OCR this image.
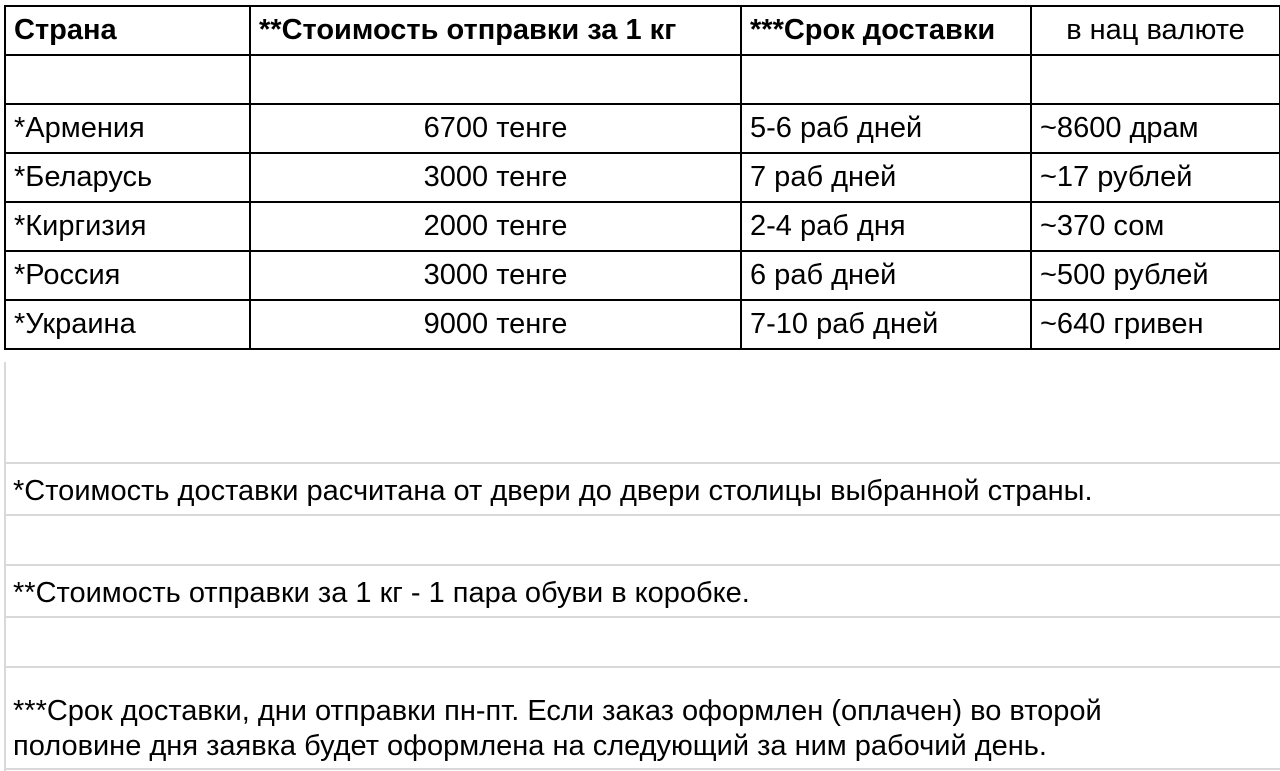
Страна	**Стоимость отправки за 1 кг	***Срок доставки	в нац валюте

*Армения	6700 тенге	5-6 раб дней	~8600 драм
*Беларусь	3000 тенге	7 раб дней	~17 рублей
*Киргизия	2000 тенге	2-4 раб дня	~370 сом
*Россия	3000 тенге	6 раб дней	~500 рублей
*Украина	9000 тенге	7-10 раб дней	~640 гривен
*Стоимость доставки расчитана от двери до двери столицы выбранной страны.
**Стоимость отправки за 1 кг - 1 пара обуви в коробке.
***Срок доставки, дни отправки пн-пт. Если заказ оформлен (оплачен) во второй
половине дня заявка будет оформлена на следующий за ним рабочий день.
